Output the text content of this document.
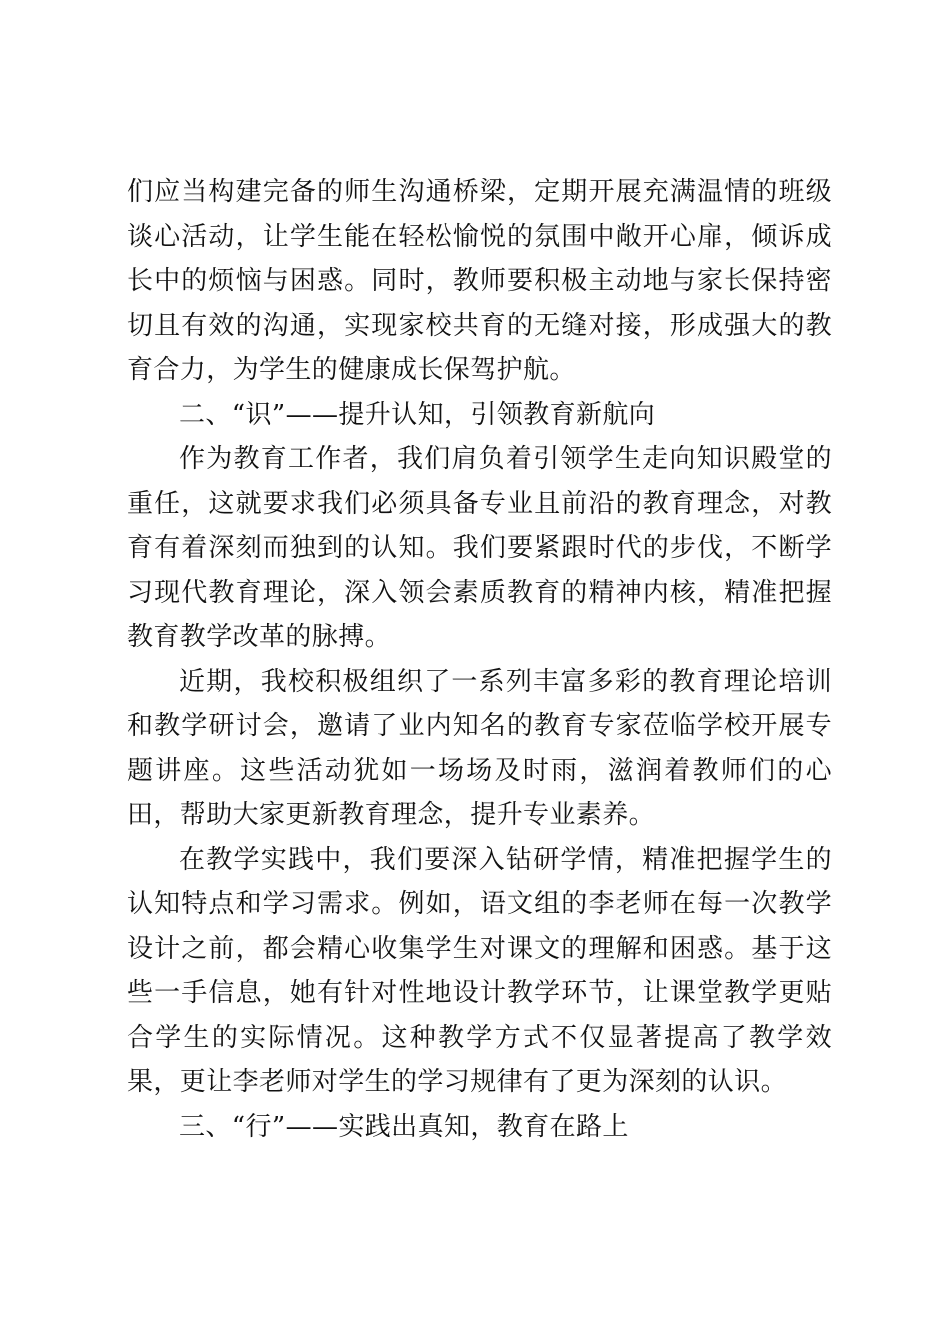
们应当构建完备的师生沟通桥梁，定期开展充满温情的班级谈心活动，让学生能在轻松愉悦的氛围中敞开心扉，倾诉成长中的烦恼与困惑。同时，教师要积极主动地与家长保持密切且有效的沟通，实现家校共育的无缝对接，形成强大的教育合力，为学生的健康成长保驾护航。

二、“识”——提升认知，引领教育新航向

作为教育工作者，我们肩负着引领学生走向知识殿堂的重任，这就要求我们必须具备专业且前沿的教育理念，对教育有着深刻而独到的认知。我们要紧跟时代的步伐，不断学习现代教育理论，深入领会素质教育的精神内核，精准把握教育教学改革的脉搏。

近期，我校积极组织了一系列丰富多彩的教育理论培训和教学研讨会，邀请了业内知名的教育专家莅临学校开展专题讲座。这些活动犹如一场场及时雨，滋润着教师们的心田，帮助大家更新教育理念，提升专业素养。

在教学实践中，我们要深入钻研学情，精准把握学生的认知特点和学习需求。例如，语文组的李老师在每一次教学设计之前，都会精心收集学生对课文的理解和困惑。基于这些一手信息，她有针对性地设计教学环节，让课堂教学更贴合学生的实际情况。这种教学方式不仅显著提高了教学效果，更让李老师对学生的学习规律有了更为深刻的认识。

三、“行”——实践出真知，教育在路上
